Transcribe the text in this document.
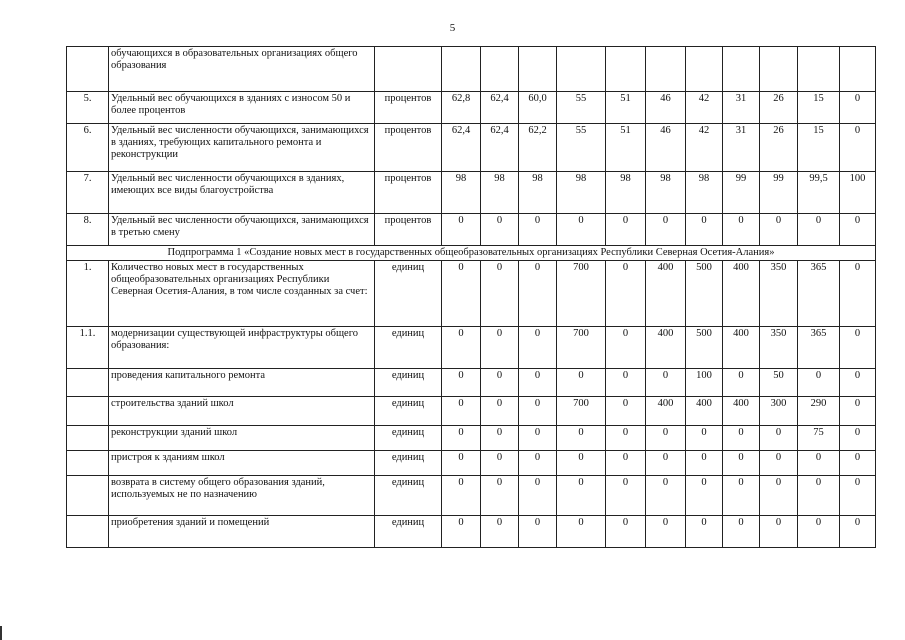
5
	обучающихся в образовательных организациях общего образования												
5.	Удельный вес обучающихся в зданиях с износом 50 и более процентов	процентов	62,8	62,4	60,0	55	51	46	42	31	26	15	0
6.	Удельный вес численности обучающихся, занимающихся в зданиях, требующих капитального ремонта и реконструкции	процентов	62,4	62,4	62,2	55	51	46	42	31	26	15	0
7.	Удельный вес численности обучающихся в зданиях, имеющих все виды благоустройства	процентов	98	98	98	98	98	98	98	99	99	99,5	100
8.	Удельный вес численности обучающихся, занимающихся в третью смену	процентов	0	0	0	0	0	0	0	0	0	0	0
Подпрограмма 1 «Создание новых мест в государственных общеобразовательных организациях Республики Северная Осетия-Алания»													
1.	Количество новых мест в государственных общеобразовательных организациях Республики Северная Осетия-Алания, в том числе созданных за счет:	единиц	0	0	0	700	0	400	500	400	350	365	0
1.1.	модернизации существующей инфраструктуры общего образования:	единиц	0	0	0	700	0	400	500	400	350	365	0
	проведения капитального ремонта	единиц	0	0	0	0	0	0	100	0	50	0	0
	строительства зданий школ	единиц	0	0	0	700	0	400	400	400	300	290	0
	реконструкции зданий школ	единиц	0	0	0	0	0	0	0	0	0	75	0
	пристроя к зданиям школ	единиц	0	0	0	0	0	0	0	0	0	0	0
	возврата в систему общего образования зданий, используемых не по назначению	единиц	0	0	0	0	0	0	0	0	0	0	0
	приобретения зданий и помещений	единиц	0	0	0	0	0	0	0	0	0	0	0
